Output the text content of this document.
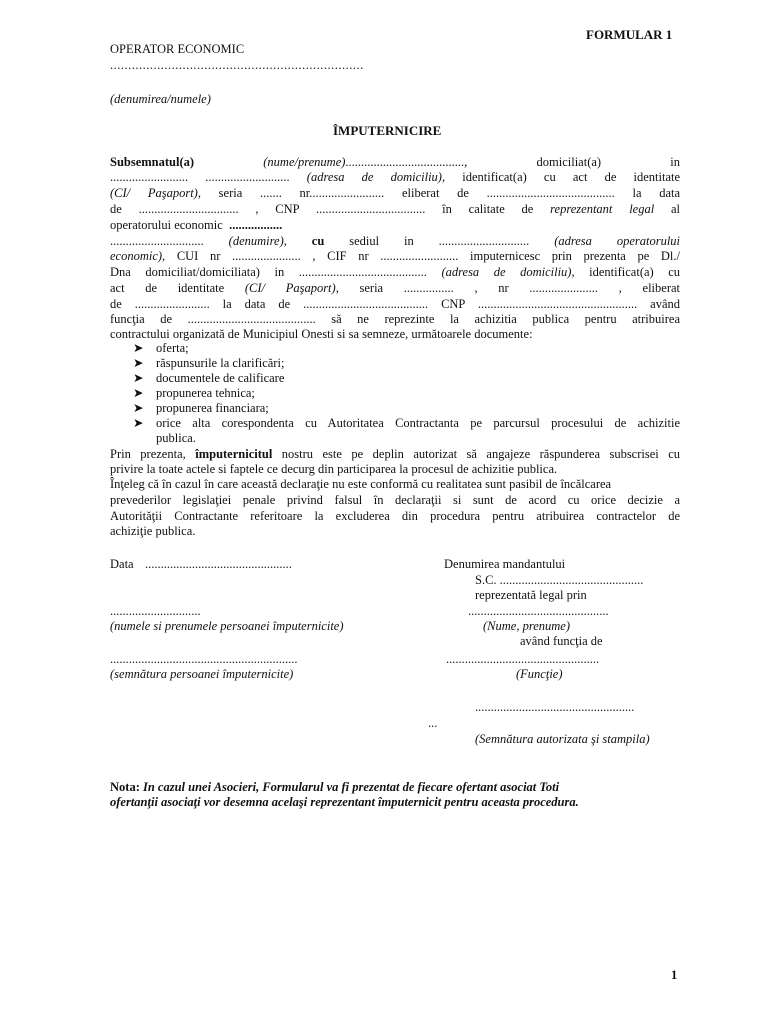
FORMULAR 1
OPERATOR ECONOMIC
......................................................................
(denumirea/numele)
ÎMPUTERNICIRE
Subsemnatul(a)	(nume/prenume)......................................,	domiciliat(a)	in
......................... ........................... (adresa de domiciliu), identificat(a) cu act de identitate
(CI/ Paşaport), seria ....... nr........................ eliberat de ......................................... la data
de ................................ , CNP ................................... în calitate de reprezentant legal al
operatorului economic .................
.............................. (denumire), cu sediul in ............................. (adresa operatorului
economic), CUI nr ...................... , CIF nr ......................... imputernicesc prin prezenta pe Dl./
Dna domiciliat/domiciliata) in ......................................... (adresa de domiciliu), identificat(a) cu
act de identitate (CI/ Paşaport), seria ................ , nr ...................... , eliberat
de ........................ la data de ........................................ CNP ................................................... având
funcţia de ......................................... să ne reprezinte la achizitia publica pentru atribuirea
contractului organizată de Municipiul Onesti si sa semneze, următoarele documente:
➤	oferta;
➤	răspunsurile la clarificări;
➤	documentele de calificare
➤	propunerea tehnica;
➤	propunerea financiara;
➤	orice alta corespondenta cu Autoritatea Contractanta pe parcursul procesului de achizitie
publica.
Prin prezenta, împuternicitul nostru este pe deplin autorizat să angajeze răspunderea subscrisei cu
privire la toate actele si faptele ce decurg din participarea la procesul de achizitie publica.
Înţeleg că în cazul în care această declaraţie nu este conformă cu realitatea sunt pasibil de încălcarea
prevederilor legislaţiei penale privind falsul în declaraţii si sunt de acord cu orice decizie a
Autorităţii Contractante referitoare la excluderea din procedura pentru atribuirea contractelor de
achiziţie publica.
Data ...............................................	Denumirea mandantului
S.C. ..............................................
reprezentată legal prin
.............................	.............................................
(numele si prenumele persoanei împuternicite)	(Nume, prenume)
având funcţia de
............................................................	.................................................
(semnătura persoanei împuternicite)	(Funcţie)
...................................................
...
(Semnătura autorizata şi stampila)
Nota: In cazul unei Asocieri, Formularul va fi prezentat de fiecare ofertant asociat Toti
ofertanţii asociaţi vor desemna acelaşi reprezentant împuternicit pentru aceasta procedura.
1
